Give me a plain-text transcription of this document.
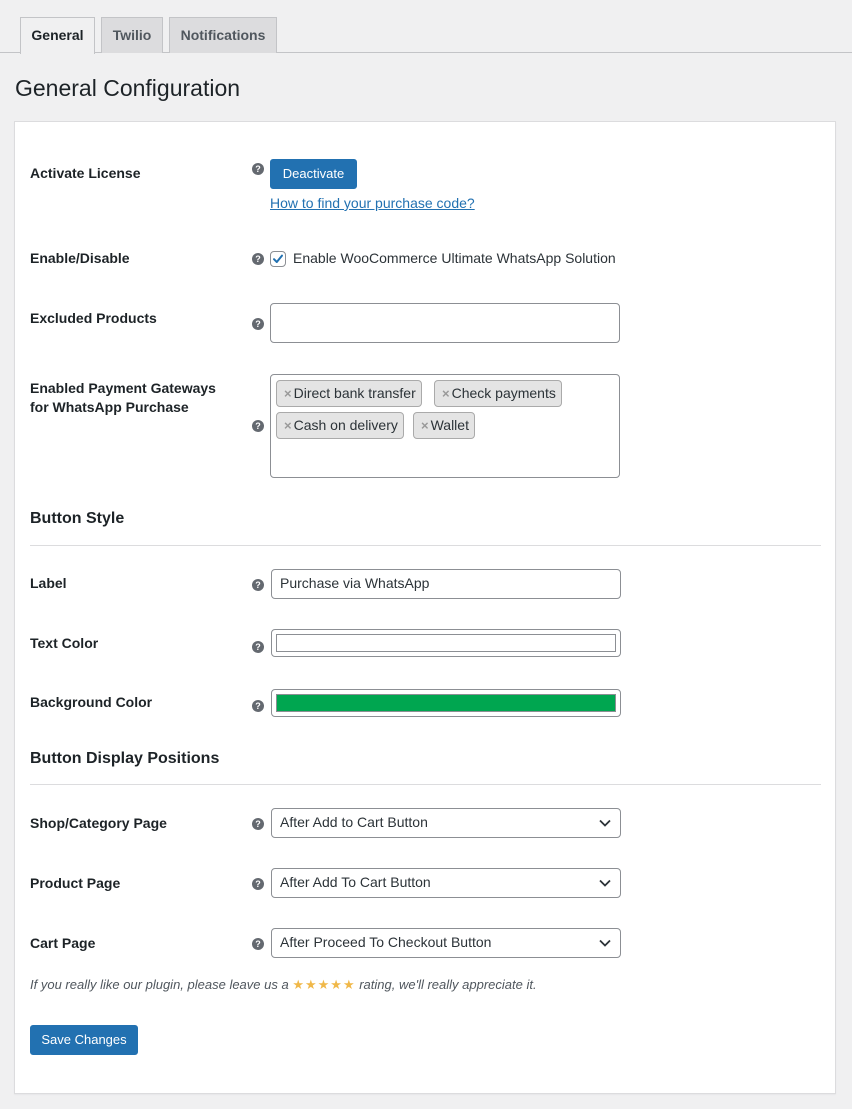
General	Twilio	Notifications
General Configuration
Activate License	?	Deactivate
How to find your purchase code?
Enable/Disable	? Enable WooCommerce Ultimate WhatsApp Solution
Excluded Products	?
Enabled Payment Gateways
for WhatsApp Purchase
?
× Direct bank transfer	× Check payments
× Cash on delivery	× Wallet
Button Style
Label	?	Purchase via WhatsApp
Text Color	?
Background Color	?
Button Display Positions
Shop/Category Page	?	After Add to Cart Button
Product Page	?	After Add To Cart Button
Cart Page	?	After Proceed To Checkout Button
If you really like our plugin, please leave us a ★★★★★ rating, we'll really appreciate it.
Save Changes
